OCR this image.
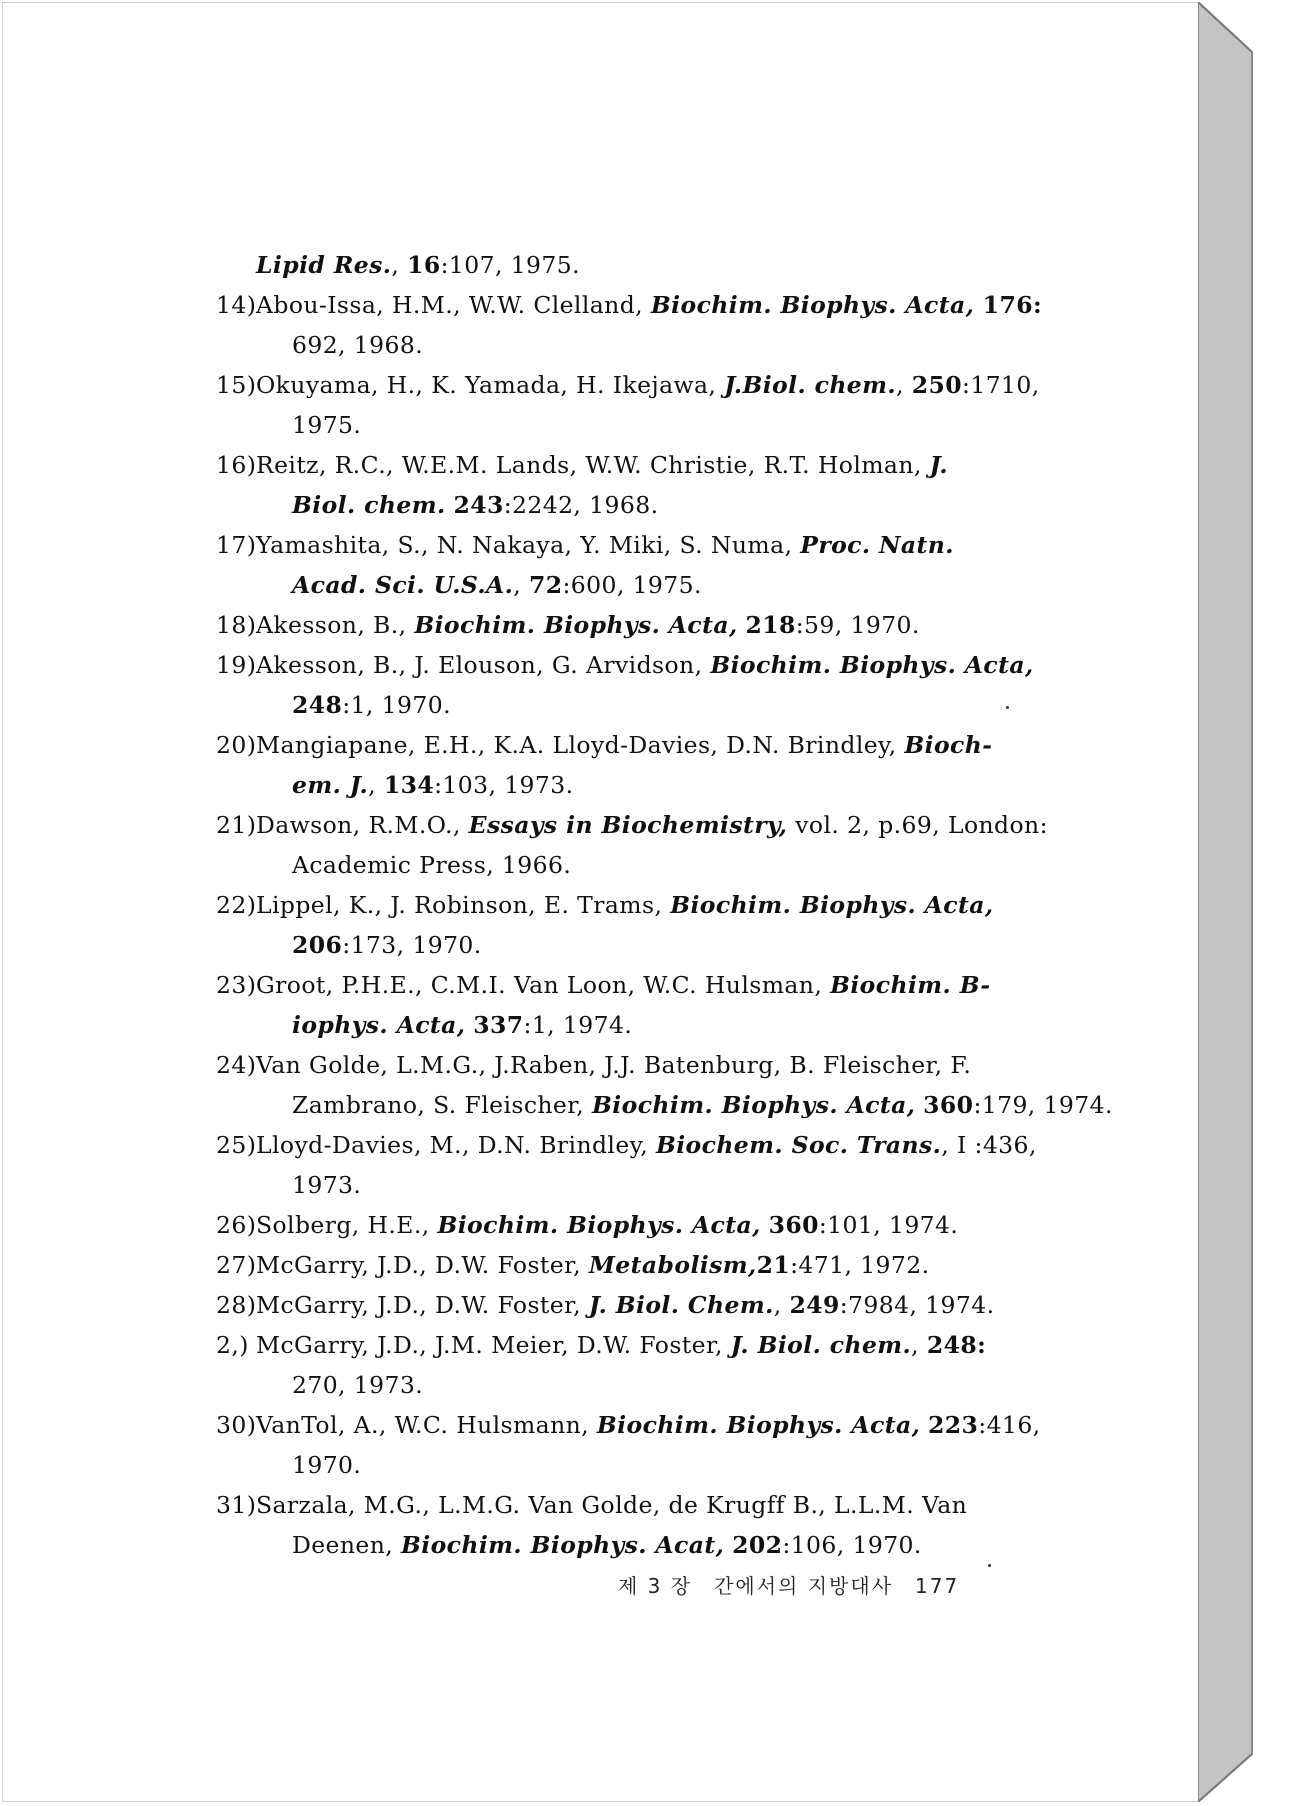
Lipid Res., 16:107, 1975.
14) Abou-Issa, H.M., W.W. Clelland, Biochim. Biophys. Acta, 176:
692, 1968.
15) Okuyama, H., K. Yamada, H. Ikejawa, J.Biol. chem., 250:1710,
1975.
16) Reitz, R.C., W.E.M. Lands, W.W. Christie, R.T. Holman, J.
Biol. chem. 243:2242, 1968.
17) Yamashita, S., N. Nakaya, Y. Miki, S. Numa, Proc. Natn.
Acad. Sci. U.S.A., 72:600, 1975.
18) Akesson, B., Biochim. Biophys. Acta, 218:59, 1970.
19) Akesson, B., J. Elouson, G. Arvidson, Biochim. Biophys. Acta,
248:1, 1970.
20) Mangiapane, E.H., K.A. Lloyd-Davies, D.N. Brindley, Bioch-
em. J., 134:103, 1973.
21) Dawson, R.M.O., Essays in Biochemistry, vol. 2, p.69, London:
Academic Press, 1966.
22) Lippel, K., J. Robinson, E. Trams, Biochim. Biophys. Acta,
206:173, 1970.
23) Groot, P.H.E., C.M.I. Van Loon, W.C. Hulsman, Biochim. B-
iophys. Acta, 337:1, 1974.
24) Van Golde, L.M.G., J.Raben, J.J. Batenburg, B. Fleischer, F.
Zambrano, S. Fleischer, Biochim. Biophys. Acta, 360:179, 1974.
25) Lloyd-Davies, M., D.N. Brindley, Biochem. Soc. Trans., I :436,
1973.
26) Solberg, H.E., Biochim. Biophys. Acta, 360:101, 1974.
27) McGarry, J.D., D.W. Foster, Metabolism,21:471, 1972.
28) McGarry, J.D., D.W. Foster, J. Biol. Chem., 249:7984, 1974.
2,) McGarry, J.D., J.M. Meier, D.W. Foster, J. Biol. chem., 248:
270, 1973.
30) VanTol, A., W.C. Hulsmann, Biochim. Biophys. Acta, 223:416,
1970.
31) Sarzala, M.G., L.M.G. Van Golde, de Krugff B., L.L.M. Van
Deenen, Biochim. Biophys. Acat, 202:106, 1970.
제 3 장 간에서의 지방대사 177
